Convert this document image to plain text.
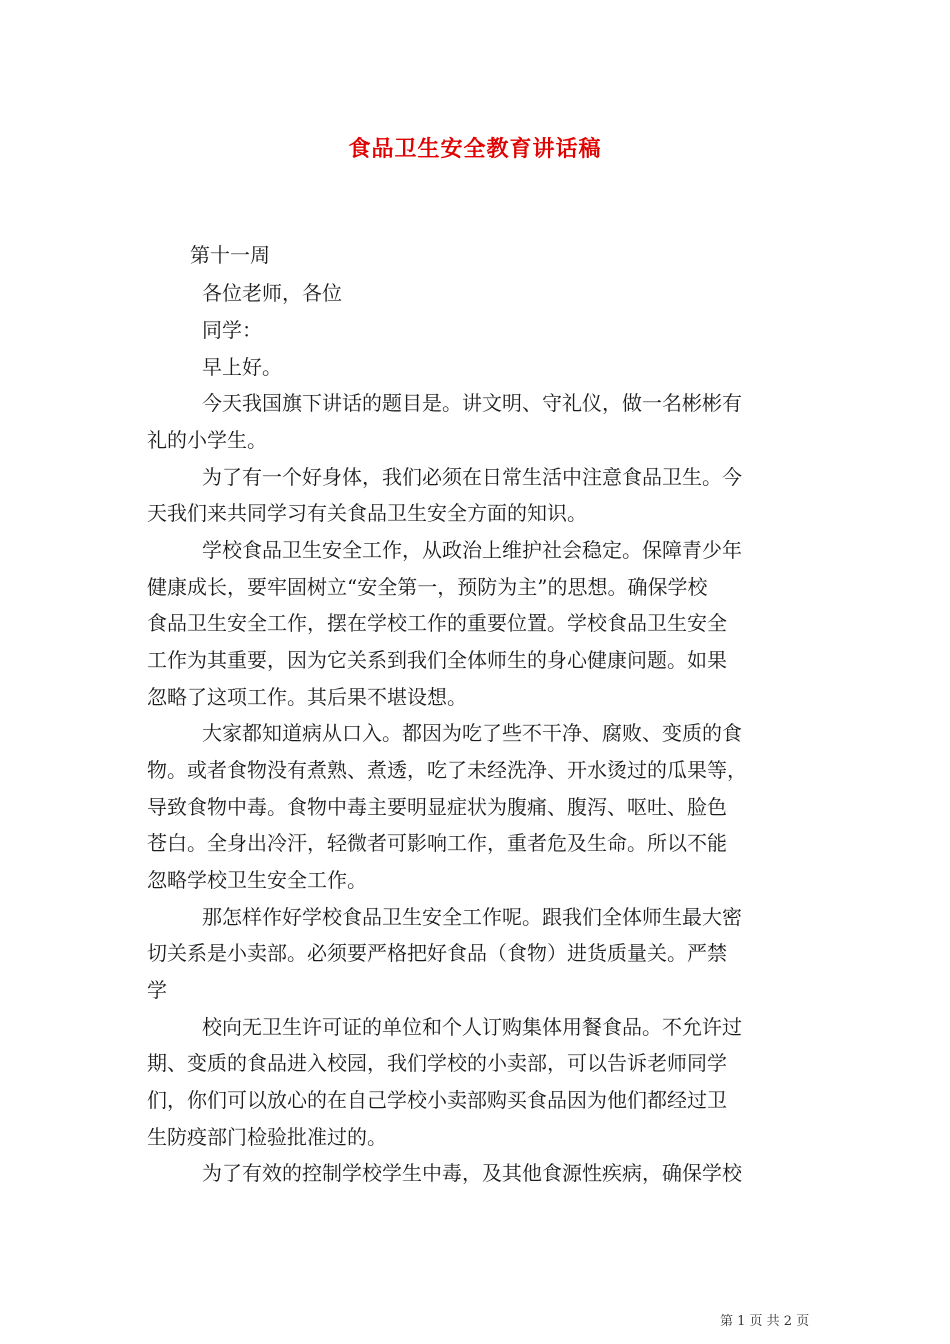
食品卫生安全教育讲话稿
第十一周
各位老师，各位
同学：
早上好。
今天我国旗下讲话的题目是。讲文明、守礼仪，做一名彬彬有
礼的小学生。
为了有一个好身体，我们必须在日常生活中注意食品卫生。今
天我们来共同学习有关食品卫生安全方面的知识。
学校食品卫生安全工作，从政治上维护社会稳定。保障青少年
健康成长，要牢固树立“安全第一，预防为主”的思想。确保学校
食品卫生安全工作，摆在学校工作的重要位置。学校食品卫生安全
工作为其重要，因为它关系到我们全体师生的身心健康问题。如果
忽略了这项工作。其后果不堪设想。
大家都知道病从口入。都因为吃了些不干净、腐败、变质的食
物。或者食物没有煮熟、煮透，吃了未经洗净、开水烫过的瓜果等，
导致食物中毒。食物中毒主要明显症状为腹痛、腹泻、呕吐、脸色
苍白。全身出冷汗，轻微者可影响工作，重者危及生命。所以不能
忽略学校卫生安全工作。
那怎样作好学校食品卫生安全工作呢。跟我们全体师生最大密
切关系是小卖部。必须要严格把好食品（食物）进货质量关。严禁
学
校向无卫生许可证的单位和个人订购集体用餐食品。不允许过
期、变质的食品进入校园，我们学校的小卖部，可以告诉老师同学
们，你们可以放心的在自己学校小卖部购买食品因为他们都经过卫
生防疫部门检验批准过的。
为了有效的控制学校学生中毒，及其他食源性疾病，确保学校
第 1 页 共 2 页
